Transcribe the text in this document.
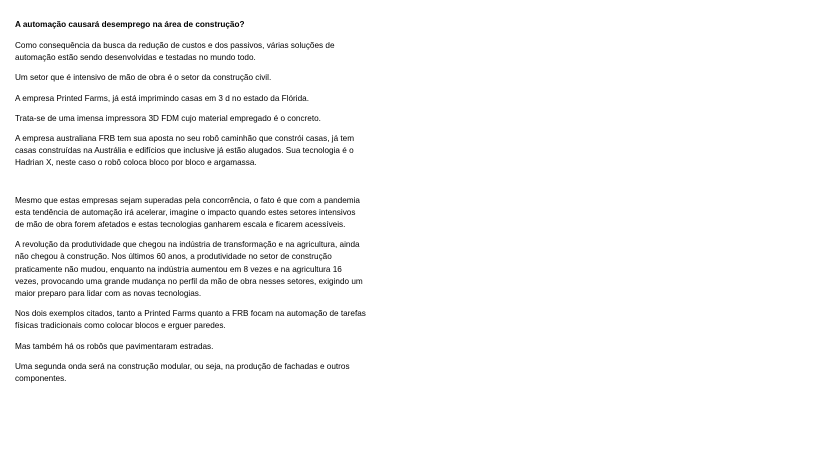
A automação causará desemprego na área de construção?
Como consequência da busca da redução de custos e dos passivos, várias soluções de
automação estão sendo desenvolvidas e testadas no mundo todo.
Um setor que é intensivo de mão de obra é o setor da construção civil.
A empresa Printed Farms, já está imprimindo casas em 3 d no estado da Flórida.
Trata-se de uma imensa impressora 3D FDM cujo material empregado é o concreto.
A empresa australiana FRB tem sua aposta no seu robô caminhão que constrói casas, já tem
casas construídas na Austrália e edifícios que inclusive já estão alugados. Sua tecnologia é o
Hadrian X, neste caso o robô coloca bloco por bloco e argamassa.
Mesmo que estas empresas sejam superadas pela concorrência, o fato é que com a pandemia
esta tendência de automação irá acelerar, imagine o impacto quando estes setores intensivos
de mão de obra forem afetados e estas tecnologias ganharem escala e ficarem acessíveis.
A revolução da produtividade que chegou na indústria de transformação e na agricultura, ainda
não chegou à construção. Nos últimos 60 anos, a produtividade no setor de construção
praticamente não mudou, enquanto na indústria aumentou em 8 vezes e na agricultura 16
vezes, provocando uma grande mudança no perfil da mão de obra nesses setores, exigindo um
maior preparo para lidar com as novas tecnologias.
Nos dois exemplos citados, tanto a Printed Farms quanto a FRB focam na automação de tarefas
físicas tradicionais como colocar blocos e erguer paredes.
Mas também há os robôs que pavimentaram estradas.
Uma segunda onda será na construção modular, ou seja, na produção de fachadas e outros
componentes.
